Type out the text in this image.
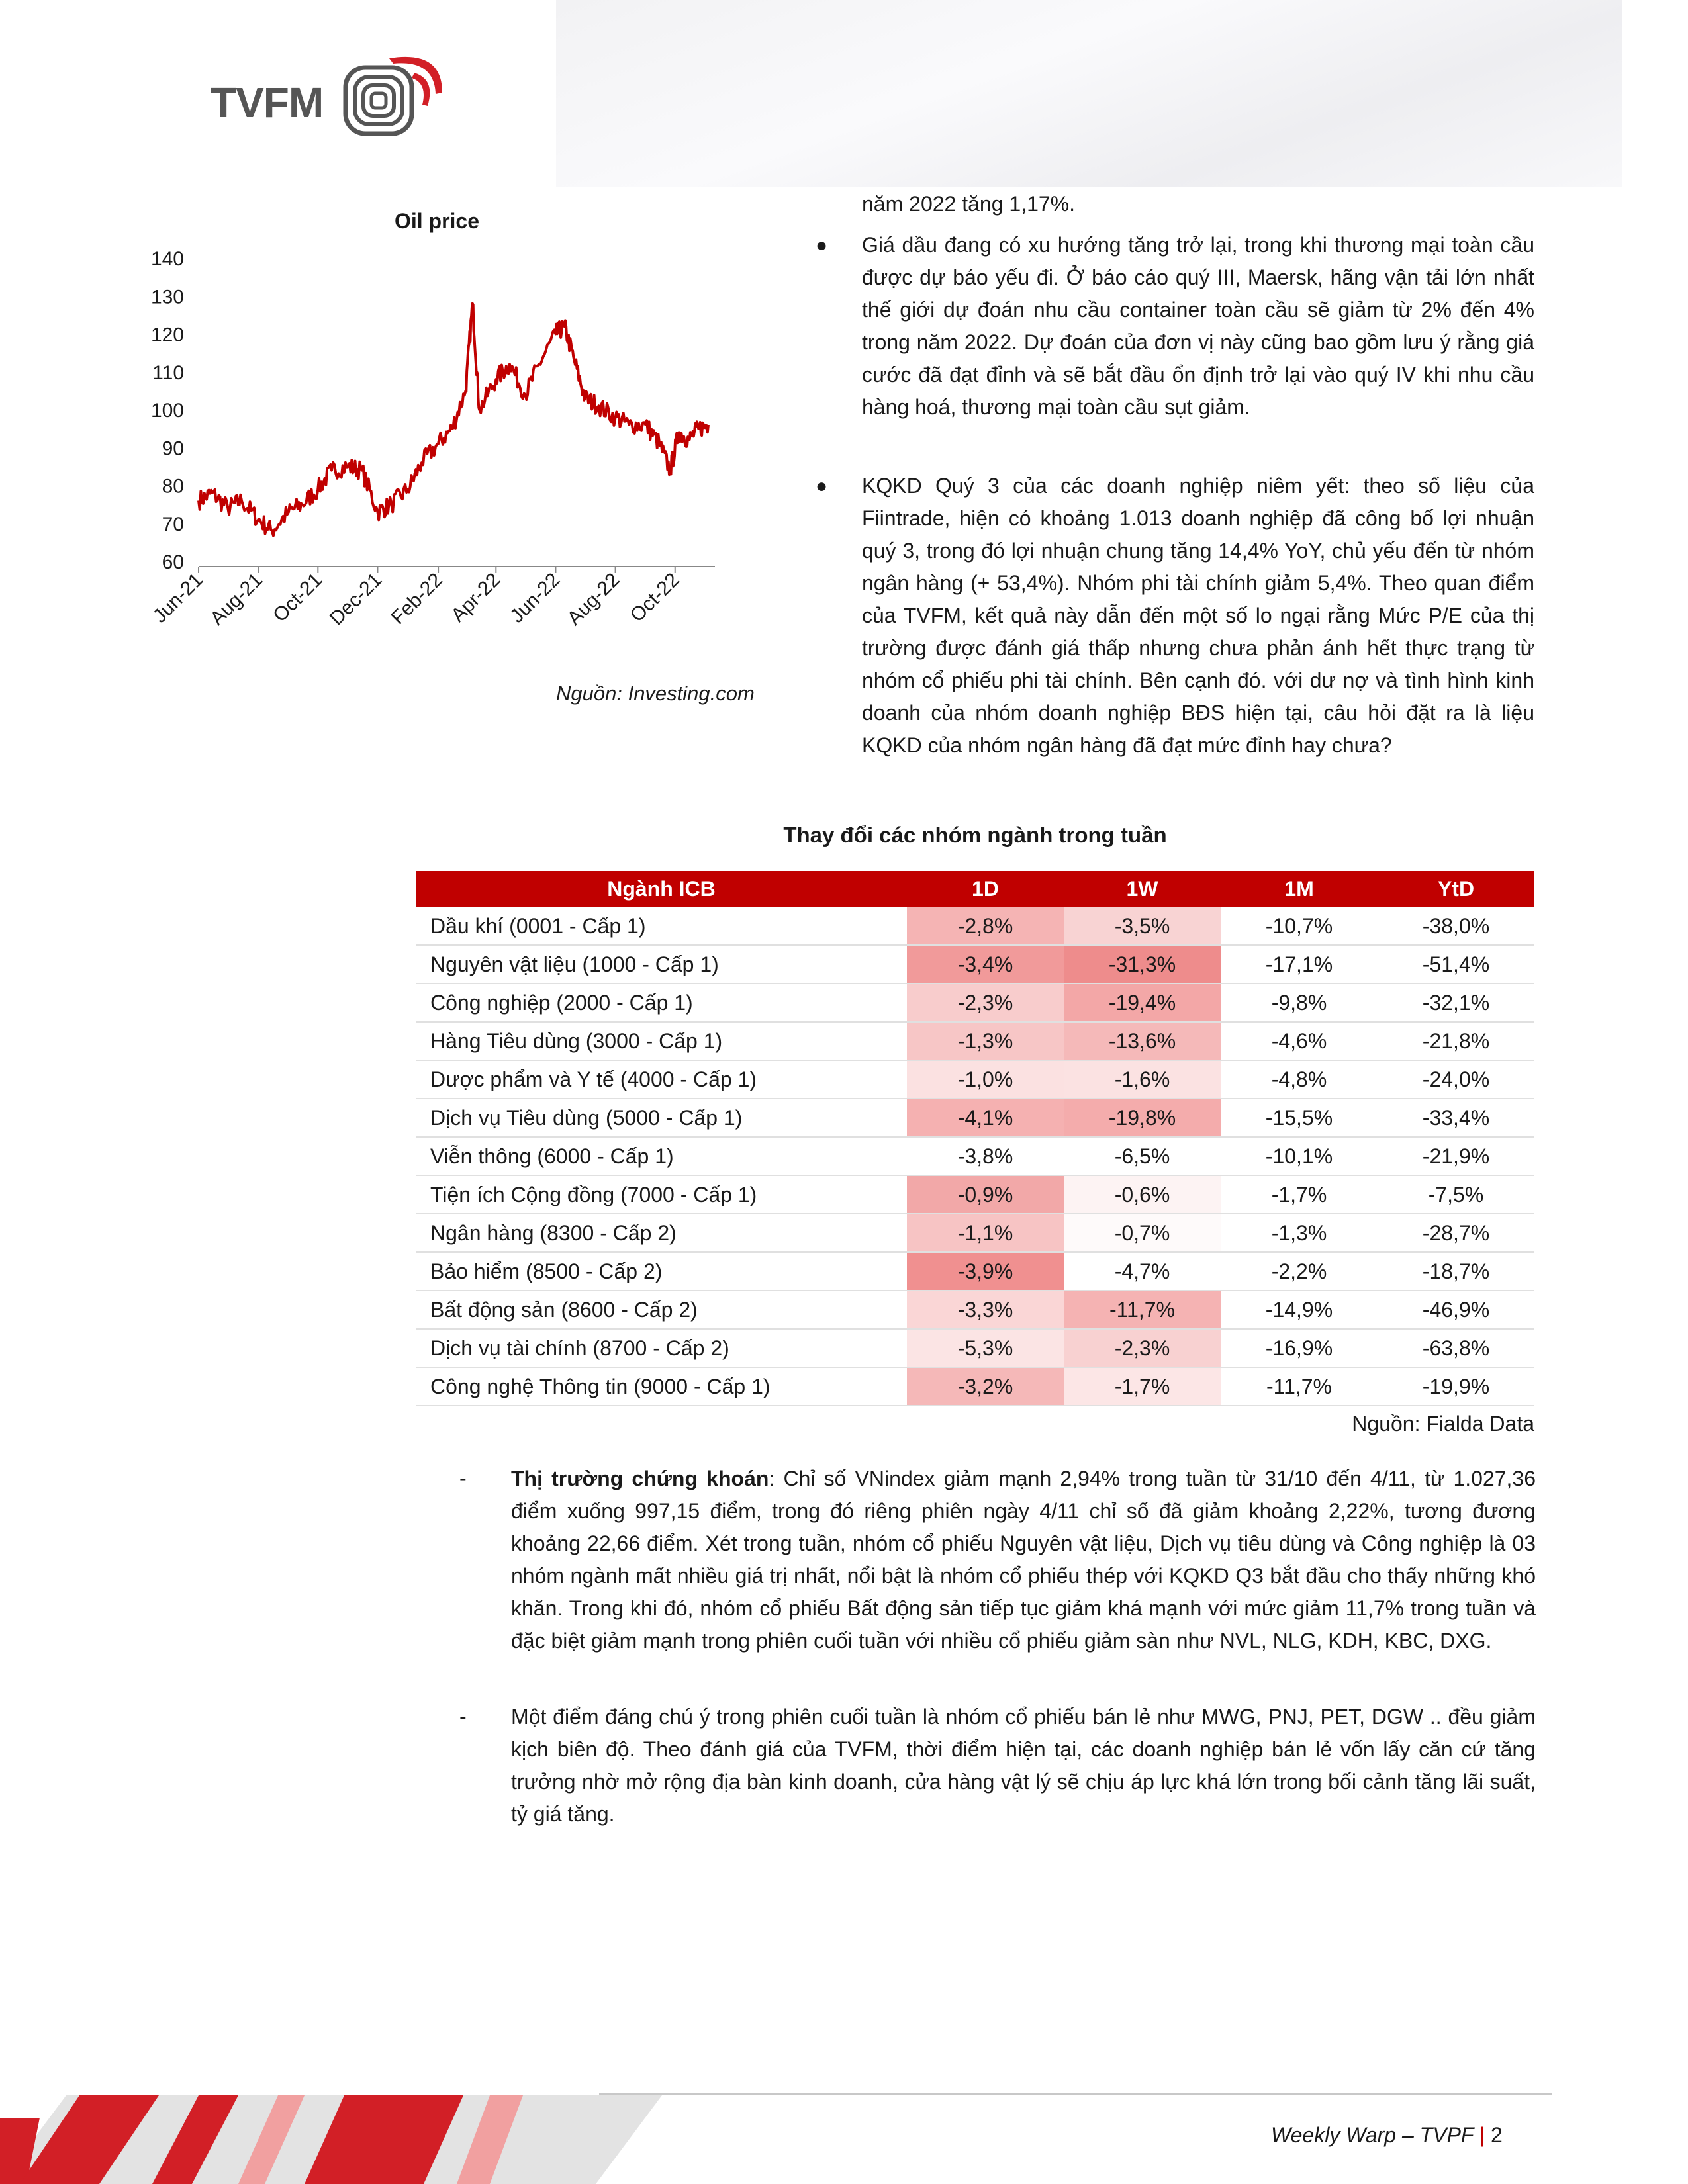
TVFM
Oil price
60
70
80
90
100
110
120
130
140
Jun-21
Aug-21 Oct-21
Dec-21 Feb-22 Apr-22 Jun-22
Aug-22 Oct-22
Nguồn: Investing.com
năm 2022 tăng 1,17%.
● Giá dầu đang có xu hướng tăng trở lại, trong khi thương mại toàn cầu được dự báo yếu đi. Ở báo cáo quý III, Maersk, hãng vận tải lớn nhất thế giới dự đoán nhu cầu container toàn cầu sẽ giảm từ 2% đến 4% trong năm 2022. Dự đoán của đơn vị này cũng bao gồm lưu ý rằng giá cước đã đạt đỉnh và sẽ bắt đầu ổn định trở lại vào quý IV khi nhu cầu hàng hoá, thương mại toàn cầu sụt giảm.
● KQKD Quý 3 của các doanh nghiệp niêm yết: theo số liệu của Fiintrade, hiện có khoảng 1.013 doanh nghiệp đã công bố lợi nhuận quý 3, trong đó lợi nhuận chung tăng 14,4% YoY, chủ yếu đến từ nhóm ngân hàng (+ 53,4%). Nhóm phi tài chính giảm 5,4%. Theo quan điểm của TVFM, kết quả này dẫn đến một số lo ngại rằng Mức P/E của thị trường được đánh giá thấp nhưng chưa phản ánh hết thực trạng từ nhóm cổ phiếu phi tài chính. Bên cạnh đó. với dư nợ và tình hình kinh doanh của nhóm doanh nghiệp BĐS hiện tại, câu hỏi đặt ra là liệu KQKD của nhóm ngân hàng đã đạt mức đỉnh hay chưa?
Thay đổi các nhóm ngành trong tuần
Ngành ICB	1D	1W	1M	YtD
Dầu khí (0001 - Cấp 1)	-2,8%	-3,5%	-10,7%	-38,0%
Nguyên vật liệu (1000 - Cấp 1)	-3,4%	-31,3%	-17,1%	-51,4%
Công nghiệp (2000 - Cấp 1)	-2,3%	-19,4%	-9,8%	-32,1%
Hàng Tiêu dùng (3000 - Cấp 1)	-1,3%	-13,6%	-4,6%	-21,8%
Dược phẩm và Y tế (4000 - Cấp 1)	-1,0%	-1,6%	-4,8%	-24,0%
Dịch vụ Tiêu dùng (5000 - Cấp 1)	-4,1%	-19,8%	-15,5%	-33,4%
Viễn thông (6000 - Cấp 1)	-3,8%	-6,5%	-10,1%	-21,9%
Tiện ích Cộng đồng (7000 - Cấp 1)	-0,9%	-0,6%	-1,7%	-7,5%
Ngân hàng (8300 - Cấp 2)	-1,1%	-0,7%	-1,3%	-28,7%
Bảo hiểm (8500 - Cấp 2)	-3,9%	-4,7%	-2,2%	-18,7%
Bất động sản (8600 - Cấp 2)	-3,3%	-11,7%	-14,9%	-46,9%
Dịch vụ tài chính (8700 - Cấp 2)	-5,3%	-2,3%	-16,9%	-63,8%
Công nghệ Thông tin (9000 - Cấp 1)	-3,2%	-1,7%	-11,7%	-19,9%
Nguồn: Fialda Data
- Thị trường chứng khoán: Chỉ số VNindex giảm mạnh 2,94% trong tuần từ 31/10 đến 4/11, từ 1.027,36 điểm xuống 997,15 điểm, trong đó riêng phiên ngày 4/11 chỉ số đã giảm khoảng 2,22%, tương đương khoảng 22,66 điểm. Xét trong tuần, nhóm cổ phiếu Nguyên vật liệu, Dịch vụ tiêu dùng và Công nghiệp là 03 nhóm ngành mất nhiều giá trị nhất, nổi bật là nhóm cổ phiếu thép với KQKD Q3 bắt đầu cho thấy những khó khăn. Trong khi đó, nhóm cổ phiếu Bất động sản tiếp tục giảm khá mạnh với mức giảm 11,7% trong tuần và đặc biệt giảm mạnh trong phiên cuối tuần với nhiều cổ phiếu giảm sàn như NVL, NLG, KDH, KBC, DXG.
- Một điểm đáng chú ý trong phiên cuối tuần là nhóm cổ phiếu bán lẻ như MWG, PNJ, PET, DGW .. đều giảm kịch biên độ. Theo đánh giá của TVFM, thời điểm hiện tại, các doanh nghiệp bán lẻ vốn lấy căn cứ tăng trưởng nhờ mở rộng địa bàn kinh doanh, cửa hàng vật lý sẽ chịu áp lực khá lớn trong bối cảnh tăng lãi suất, tỷ giá tăng.
Weekly Warp – TVPF | 2
